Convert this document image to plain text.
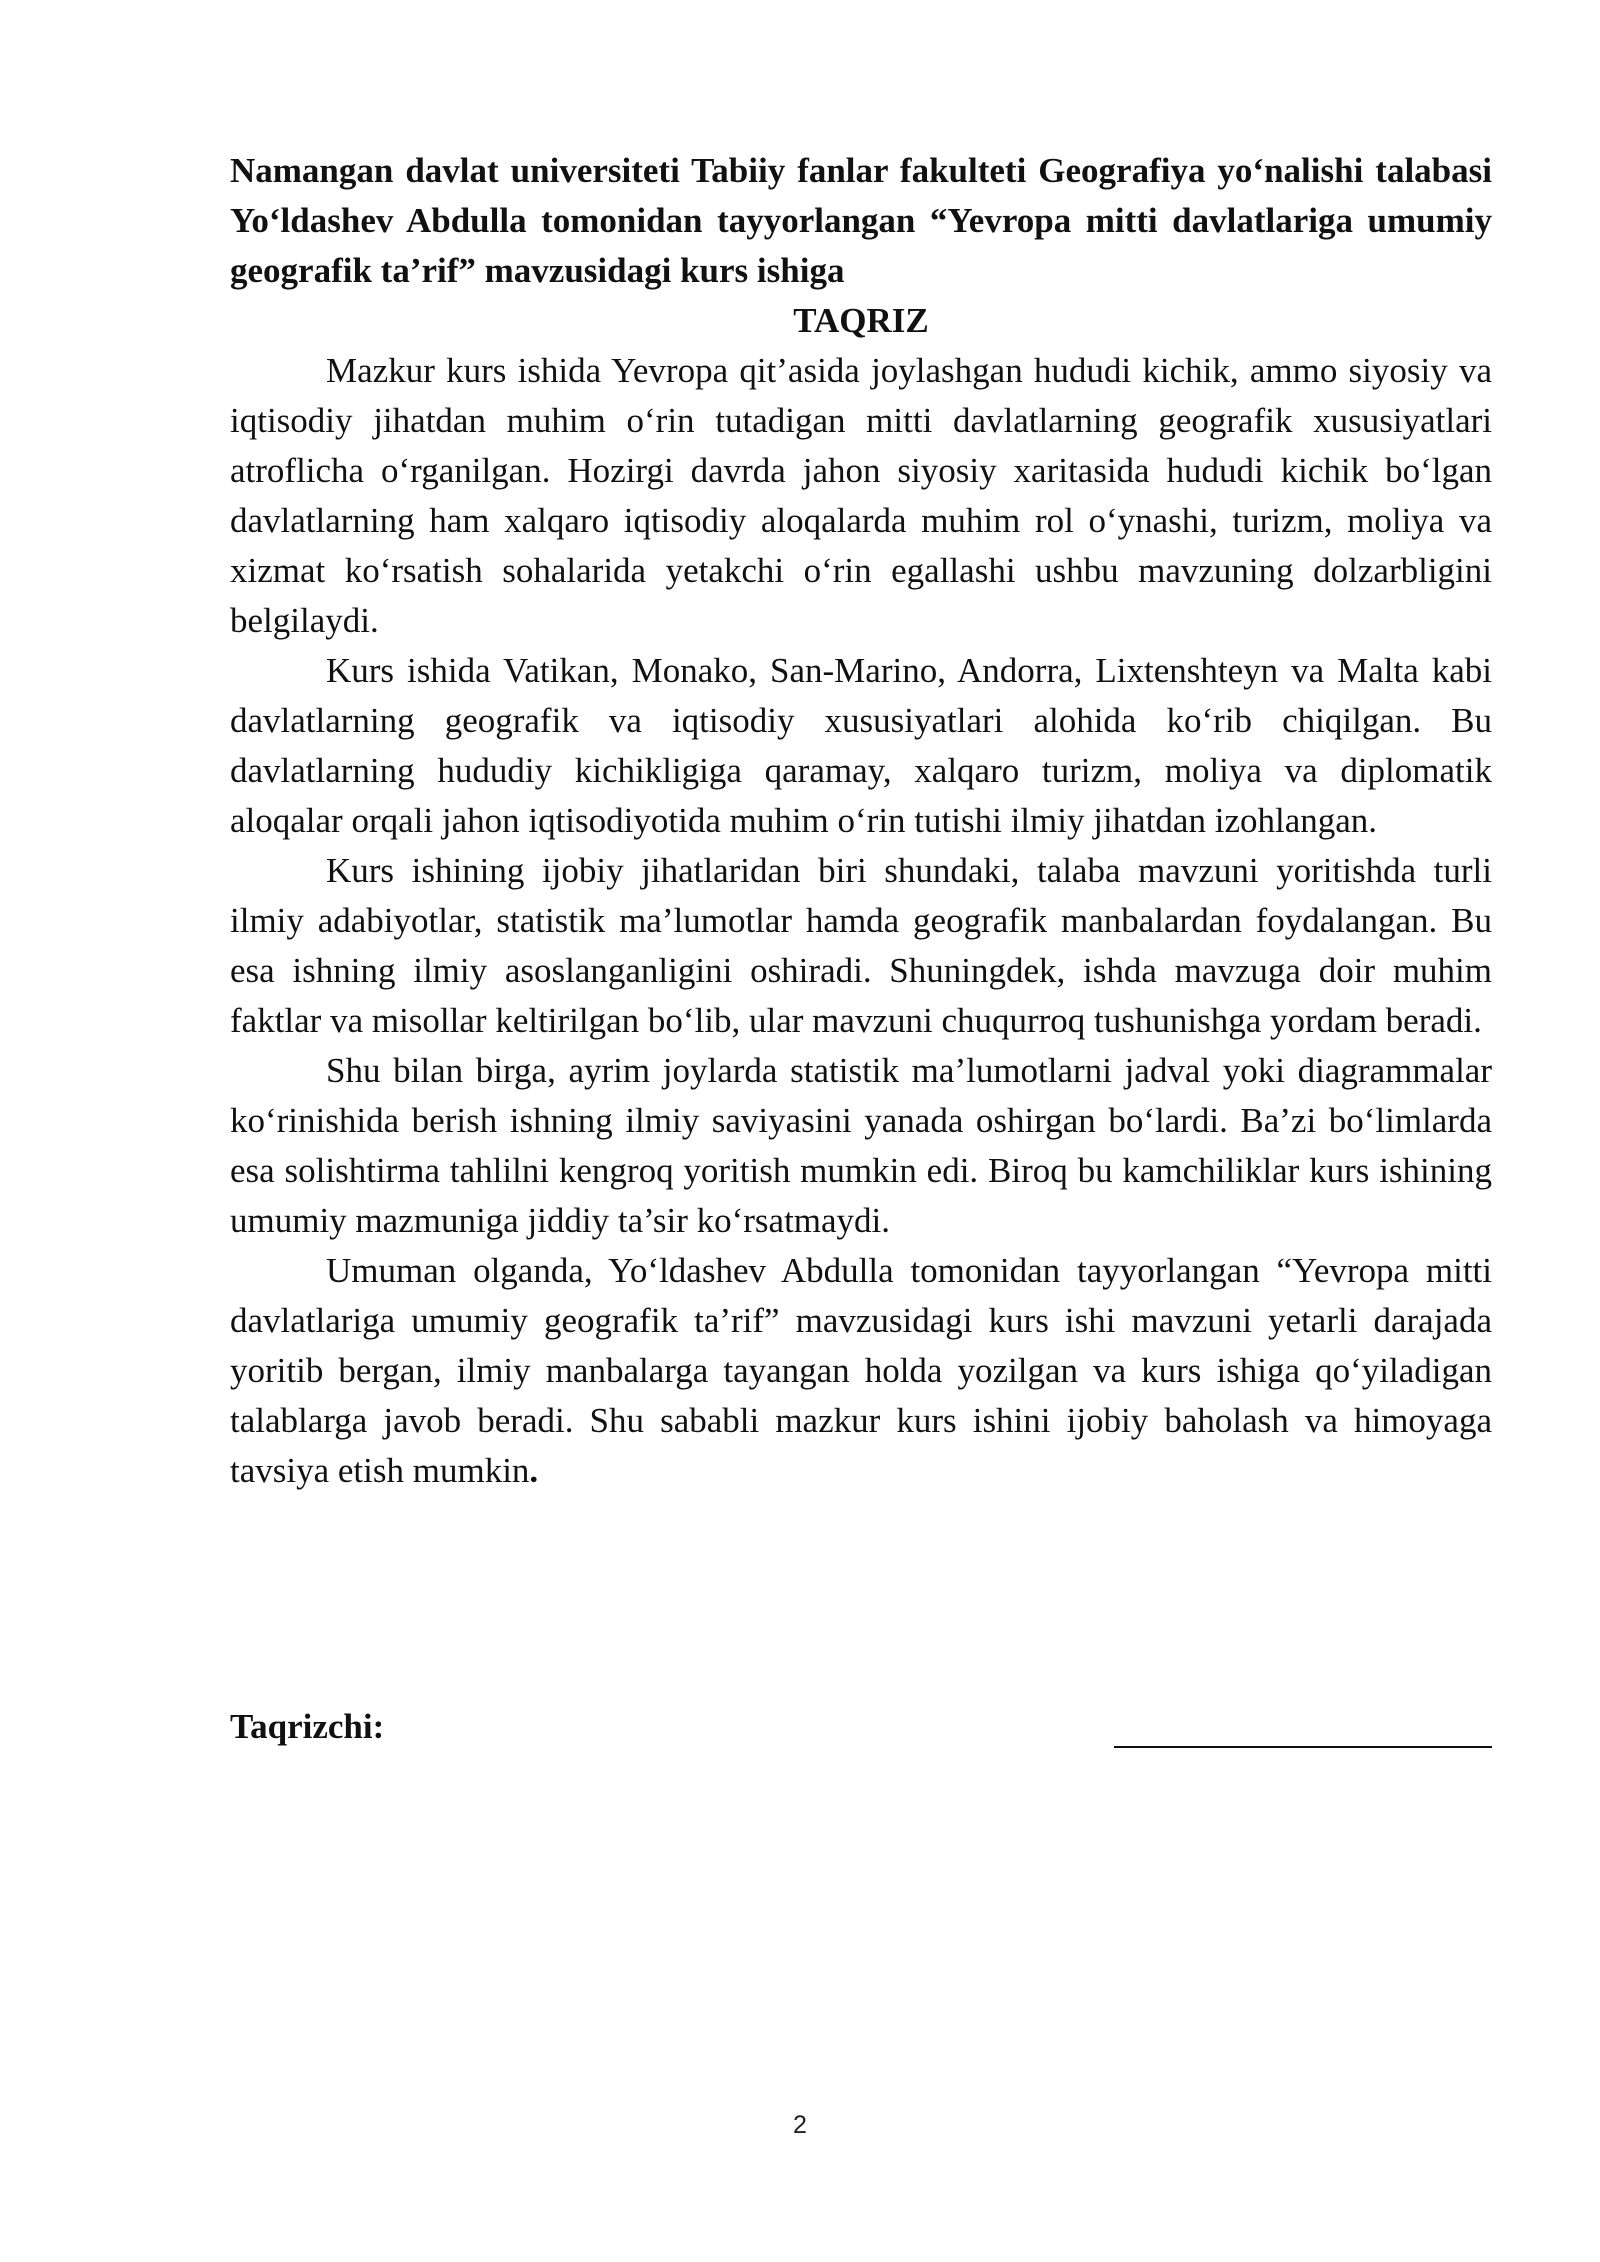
Namangan davlat universiteti Tabiiy fanlar fakulteti Geografiya yo‘nalishi talabasi Yo‘ldashev Abdulla tomonidan tayyorlangan “Yevropa mitti davlatlariga umumiy geografik ta’rif” mavzusidagi kurs ishiga

TAQRIZ

Mazkur kurs ishida Yevropa qit’asida joylashgan hududi kichik, ammo siyosiy va iqtisodiy jihatdan muhim o‘rin tutadigan mitti davlatlarning geografik xususiyatlari atroflicha o‘rganilgan. Hozirgi davrda jahon siyosiy xaritasida hududi kichik bo‘lgan davlatlarning ham xalqaro iqtisodiy aloqalarda muhim rol o‘ynashi, turizm, moliya va xizmat ko‘rsatish sohalarida yetakchi o‘rin egallashi ushbu mavzuning dolzarbligini belgilaydi.

Kurs ishida Vatikan, Monako, San-Marino, Andorra, Lixtenshteyn va Malta kabi davlatlarning geografik va iqtisodiy xususiyatlari alohida ko‘rib chiqilgan. Bu davlatlarning hududiy kichikligiga qaramay, xalqaro turizm, moliya va diplomatik aloqalar orqali jahon iqtisodiyotida muhim o‘rin tutishi ilmiy jihatdan izohlangan.

Kurs ishining ijobiy jihatlaridan biri shundaki, talaba mavzuni yoritishda turli ilmiy adabiyotlar, statistik ma’lumotlar hamda geografik manbalardan foydalangan. Bu esa ishning ilmiy asoslanganligini oshiradi. Shuningdek, ishda mavzuga doir muhim faktlar va misollar keltirilgan bo‘lib, ular mavzuni chuqurroq tushunishga yordam beradi.

Shu bilan birga, ayrim joylarda statistik ma’lumotlarni jadval yoki diagrammalar ko‘rinishida berish ishning ilmiy saviyasini yanada oshirgan bo‘lardi. Ba’zi bo‘limlarda esa solishtirma tahlilni kengroq yoritish mumkin edi. Biroq bu kamchiliklar kurs ishining umumiy mazmuniga jiddiy ta’sir ko‘rsatmaydi.

Umuman olganda, Yo‘ldashev Abdulla tomonidan tayyorlangan “Yevropa mitti davlatlariga umumiy geografik ta’rif” mavzusidagi kurs ishi mavzuni yetarli darajada yoritib bergan, ilmiy manbalarga tayangan holda yozilgan va kurs ishiga qo‘yiladigan talablarga javob beradi. Shu sababli mazkur kurs ishini ijobiy baholash va himoyaga tavsiya etish mumkin.

Taqrizchi:
2
